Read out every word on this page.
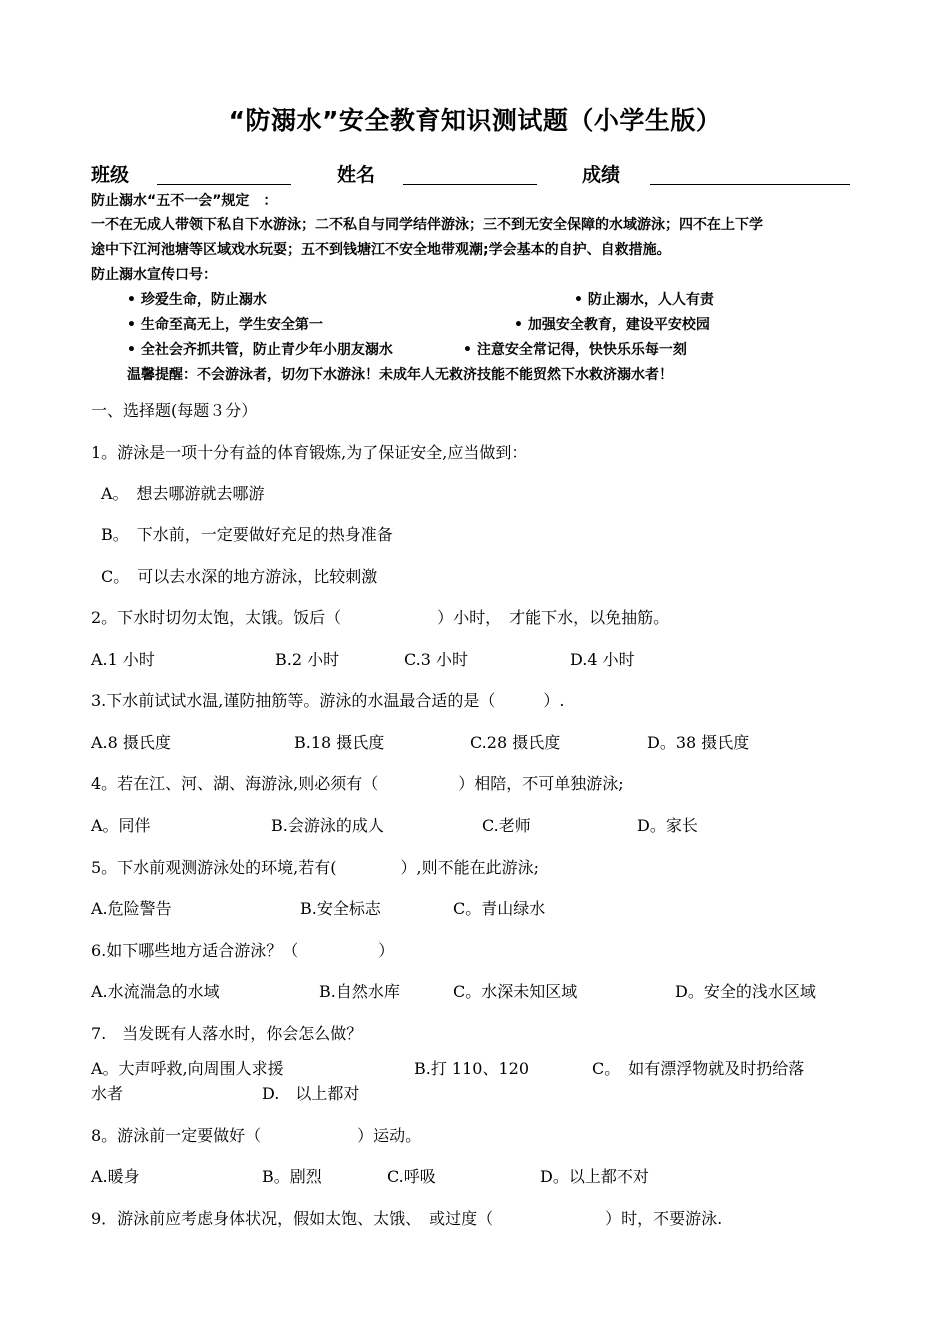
“防溺水”安全教育知识测试题（小学生版）
班级	姓名	成绩
防止溺水“五不一会”规定　：
一不在无成人带领下私自下水游泳；二不私自与同学结伴游泳；三不到无安全保障的水域游泳；四不在上下学
途中下江河池塘等区域戏水玩耍；五不到钱塘江不安全地带观潮;学会基本的自护、自救措施。
防止溺水宣传口号：
• 珍爱生命，防止溺水	• 防止溺水，人人有责
• 生命至高无上，学生安全第一	• 加强安全教育，建设平安校园
• 全社会齐抓共管，防止青少年小朋友溺水	• 注意安全常记得，快快乐乐每一刻
温馨提醒：不会游泳者，切勿下水游泳！未成年人无救济技能不能贸然下水救济溺水者！
一、选择题(每题３分）
1。游泳是一项十分有益的体育锻炼,为了保证安全,应当做到：
A。　想去哪游就去哪游
B。　下水前，一定要做好充足的热身准备
C。　可以去水深的地方游泳，比较刺激
2。下水时切勿太饱，太饿。饭后（　　　　　　）小时，　才能下水，以免抽筋。
A.1 小时	B.2 小时	C.3 小时	D.4 小时
3.下水前试试水温,谨防抽筋等。游泳的水温最合适的是（　　　）.
A.8 摄氏度	B.18 摄氏度	C.28 摄氏度	D。38 摄氏度
4。若在江、河、湖、海游泳,则必须有（　　　　　）相陪，不可单独游泳;
A。同伴	B.会游泳的成人	C.老师	D。家长
5。下水前观测游泳处的环境,若有(　　　　）,则不能在此游泳;
A.危险警告	B.安全标志	C。青山绿水
6.如下哪些地方适合游泳？（　　　　　）
A.水流湍急的水域	B.自然水库	C。水深未知区域	D。安全的浅水区域
7.　当发既有人落水时，你会怎么做？
A。大声呼救,向周围人求援	B.打 110、120	C。　如有漂浮物就及时扔给落
水者	D.　以上都对
8。游泳前一定要做好（　　　　　　）运动。
A.暖身	B。剧烈	C.呼吸	D。以上都不对
9．游泳前应考虑身体状况，假如太饱、太饿、　或过度（　　　　　　　）时，不要游泳.
